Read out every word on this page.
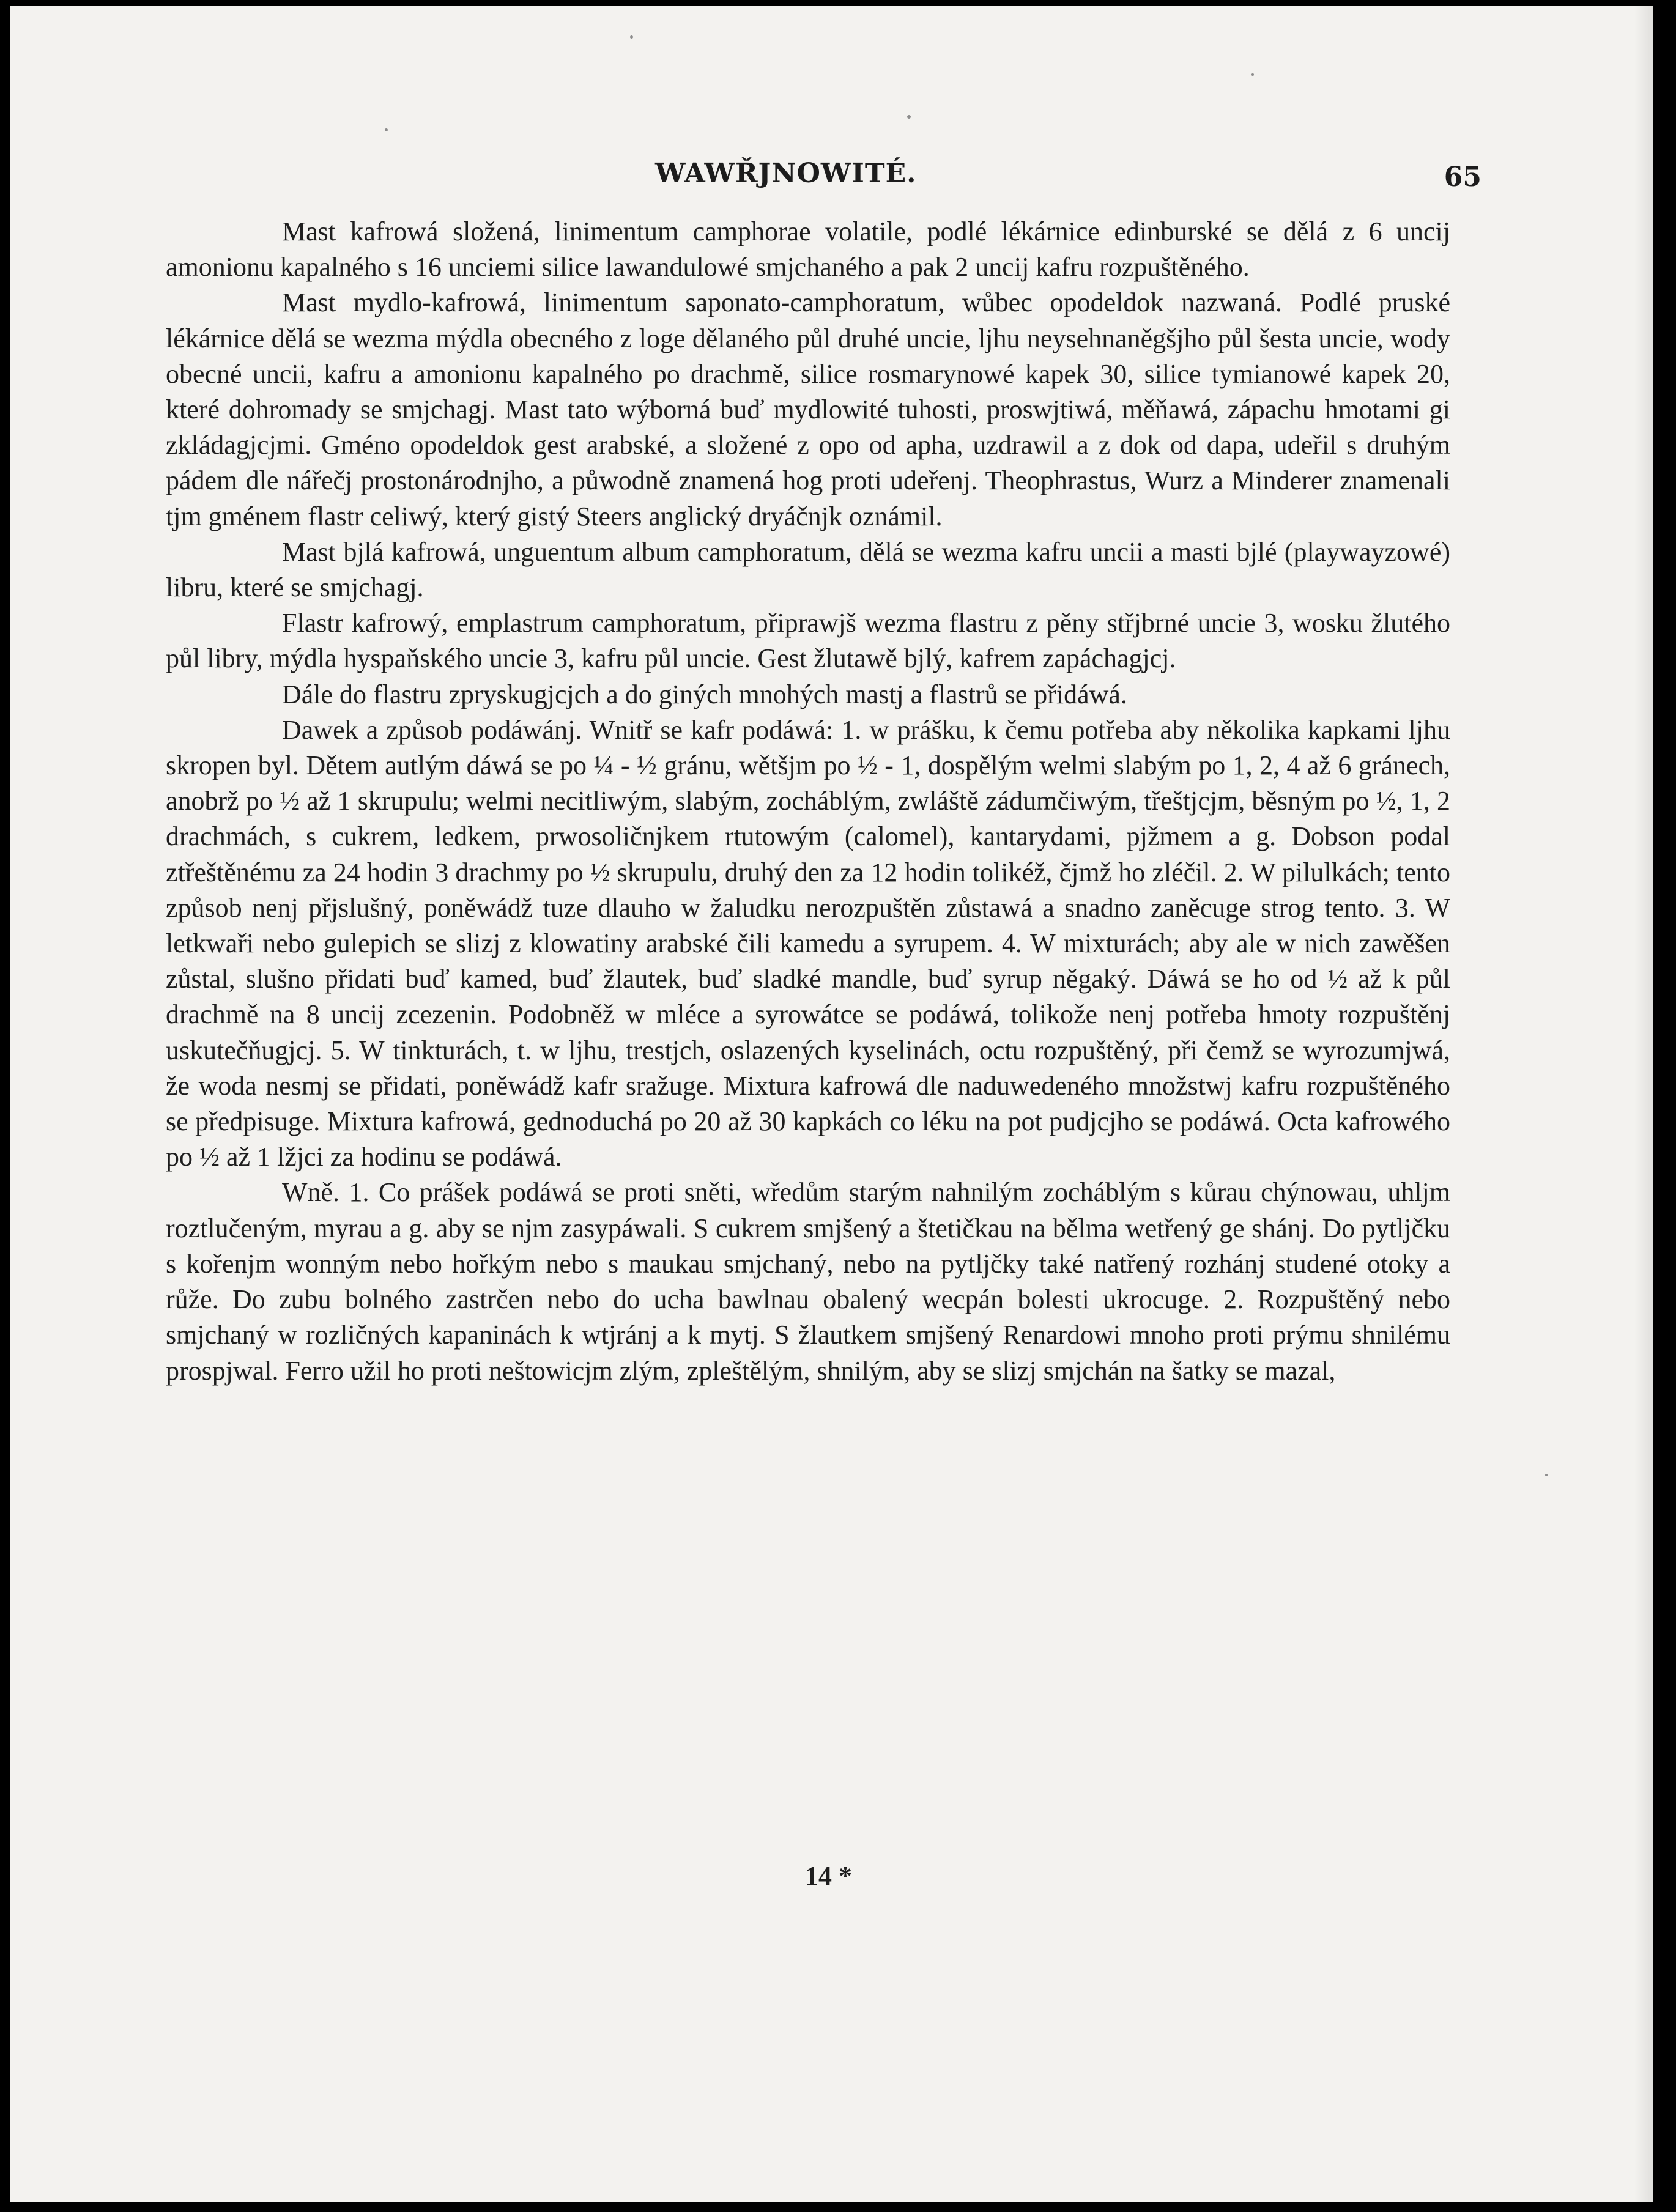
WAWŘJNOWITÉ.	65

Mast kafrowá složená, linimentum camphorae volatile, podlé lékárnice edinburské se dělá z 6 uncij amonionu kapalného s 16 unciemi silice lawandulowé smjchaného a pak 2 uncij kafru rozpuštěného.

Mast mydlo-kafrowá, linimentum saponato-camphoratum, wůbec opodeldok nazwaná. Podlé pruské lékárnice dělá se wezma mýdla obecného z loge dělaného půl druhé uncie, ljhu neysehnaněgšjho půl šesta uncie, wody obecné uncii, kafru a amonionu kapalného po drachmě, silice rosmarynowé kapek 30, silice tymianowé kapek 20, které dohromady se smjchagj. Mast tato wýborná buď mydlowité tuhosti, proswjtiwá, měňawá, zápachu hmotami gi zkládagjcjmi. Gméno opodeldok gest arabské, a složené z opo od apha, uzdrawil a z dok od dapa, udeřil s druhým pádem dle nářečj prostonárodnjho, a půwodně znamená hog proti udeřenj. Theophrastus, Wurz a Minderer znamenali tjm gménem flastr celiwý, který gistý Steers anglický dryáčnjk oznámil.

Mast bjlá kafrowá, unguentum album camphoratum, dělá se wezma kafru uncii a masti bjlé (playwayzowé) libru, které se smjchagj.

Flastr kafrowý, emplastrum camphoratum, připrawjš wezma flastru z pěny střjbrné uncie 3, wosku žlutého půl libry, mýdla hyspaňského uncie 3, kafru půl uncie. Gest žlutawě bjlý, kafrem zapáchagjcj.

Dále do flastru zpryskugjcjch a do giných mnohých mastj a flastrů se přidáwá.

Dawek a způsob podáwánj. Wnitř se kafr podáwá: 1. w prášku, k čemu potřeba aby několika kapkami ljhu skropen byl. Dětem autlým dáwá se po ¼ - ½ gránu, wětšjm po ½ - 1, dospělým welmi slabým po 1, 2, 4 až 6 gránech, anobrž po ½ až 1 skrupulu; welmi necitliwým, slabým, zocháblým, zwláště zádumčiwým, třeštjcjm, běsným po ½, 1, 2 drachmách, s cukrem, ledkem, prwosoličnjkem rtutowým (calomel), kantarydami, pjžmem a g. Dobson podal ztřeštěnému za 24 hodin 3 drachmy po ½ skrupulu, druhý den za 12 hodin tolikéž, čjmž ho zléčil. 2. W pilulkách; tento způsob nenj přjslušný, poněwádž tuze dlauho w žaludku nerozpuštěn zůstawá a snadno zaněcuge strog tento. 3. W letkwaři nebo gulepich se slizj z klowatiny arabské čili kamedu a syrupem. 4. W mixturách; aby ale w nich zawěšen zůstal, slušno přidati buď kamed, buď žlautek, buď sladké mandle, buď syrup něgaký. Dáwá se ho od ½ až k půl drachmě na 8 uncij zcezenin. Podobněž w mléce a syrowátce se podáwá, tolikože nenj potřeba hmoty rozpuštěnj uskutečňugjcj. 5. W tinkturách, t. w ljhu, trestjch, oslazených kyselinách, octu rozpuštěný, při čemž se wyrozumjwá, že woda nesmj se přidati, poněwádž kafr sražuge. Mixtura kafrowá dle naduwedeného množstwj kafru rozpuštěného se předpisuge. Mixtura kafrowá, gednoduchá po 20 až 30 kapkách co léku na pot pudjcjho se podáwá. Octa kafrowého po ½ až 1 lžjci za hodinu se podáwá.

Wně. 1. Co prášek podáwá se proti sněti, wředům starým nahnilým zocháblým s kůrau chýnowau, uhljm roztlučeným, myrau a g. aby se njm zasypáwali. S cukrem smjšený a štetičkau na bělma wetřený ge shánj. Do pytljčku s kořenjm wonným nebo hořkým nebo s maukau smjchaný, nebo na pytljčky také natřený rozhánj studené otoky a růže. Do zubu bolného zastrčen nebo do ucha bawlnau obalený wecpán bolesti ukrocuge. 2. Rozpuštěný nebo smjchaný w rozličných kapaninách k wtjránj a k mytj. S žlautkem smjšený Renardowi mnoho proti prýmu shnilému prospjwal. Ferro užil ho proti neštowicjm zlým, zpleštělým, shnilým, aby se slizj smjchán na šatky se mazal,

14 *
